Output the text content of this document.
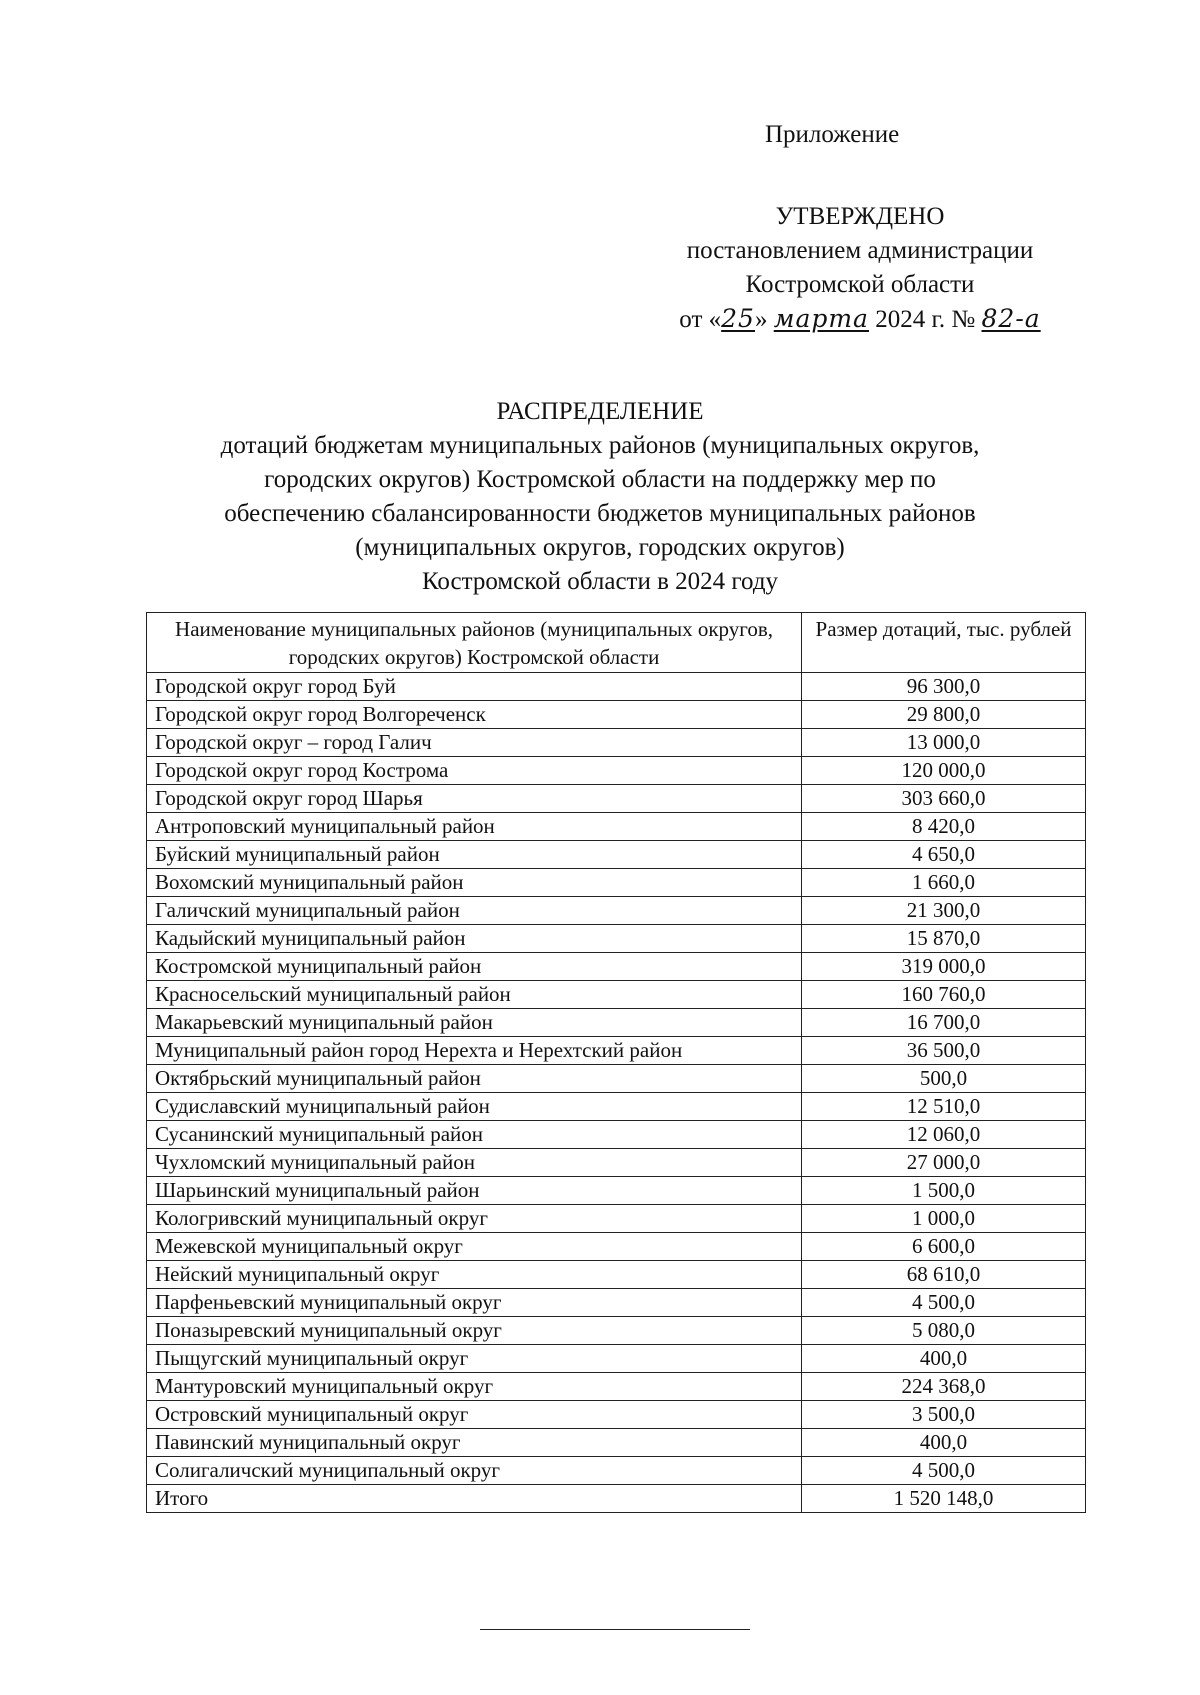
Приложение
УТВЕРЖДЕНО
постановлением администрации
Костромской области
от «25» марта 2024 г. № 82-а
РАСПРЕДЕЛЕНИЕ
дотаций бюджетам муниципальных районов (муниципальных округов,
городских округов) Костромской области на поддержку мер по
обеспечению сбалансированности бюджетов муниципальных районов
(муниципальных округов, городских округов)
Костромской области в 2024 году
Наименование муниципальных районов (муниципальных округов, городских округов) Костромской области	Размер дотаций, тыс. рублей
Городской округ город Буй	96 300,0
Городской округ город Волгореченск	29 800,0
Городской округ – город Галич	13 000,0
Городской округ город Кострома	120 000,0
Городской округ город Шарья	303 660,0
Антроповский муниципальный район	8 420,0
Буйский муниципальный район	4 650,0
Вохомский муниципальный район	1 660,0
Галичский муниципальный район	21 300,0
Кадыйский муниципальный район	15 870,0
Костромской муниципальный район	319 000,0
Красносельский муниципальный район	160 760,0
Макарьевский муниципальный район	16 700,0
Муниципальный район город Нерехта и Нерехтский район	36 500,0
Октябрьский муниципальный район	500,0
Судиславский муниципальный район	12 510,0
Сусанинский муниципальный район	12 060,0
Чухломский муниципальный район	27 000,0
Шарьинский муниципальный район	1 500,0
Кологривский муниципальный округ	1 000,0
Межевской муниципальный округ	6 600,0
Нейский муниципальный округ	68 610,0
Парфеньевский муниципальный округ	4 500,0
Поназыревский муниципальный округ	5 080,0
Пыщугский муниципальный округ	400,0
Мантуровский муниципальный округ	224 368,0
Островский муниципальный округ	3 500,0
Павинский муниципальный округ	400,0
Солигаличский муниципальный округ	4 500,0
Итого	1 520 148,0
